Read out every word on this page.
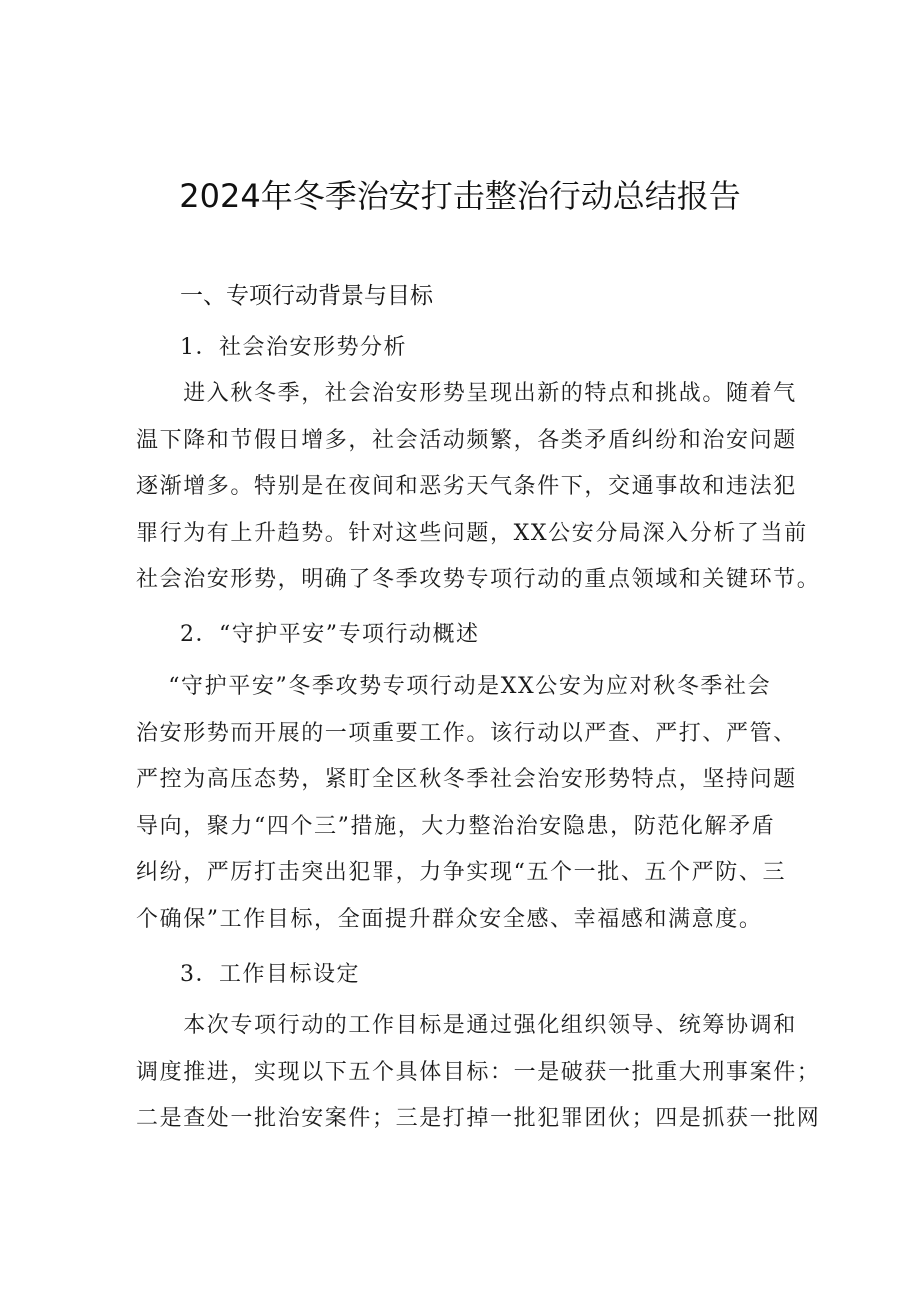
2024年冬季治安打击整治行动总结报告
一、专项行动背景与目标
1．社会治安形势分析
　　进入秋冬季，社会治安形势呈现出新的特点和挑战。随着气
温下降和节假日增多，社会活动频繁，各类矛盾纠纷和治安问题
逐渐增多。特别是在夜间和恶劣天气条件下，交通事故和违法犯
罪行为有上升趋势。针对这些问题，XX公安分局深入分析了当前
社会治安形势，明确了冬季攻势专项行动的重点领域和关键环节。
2．“守护平安”专项行动概述
　 “守护平安”冬季攻势专项行动是XX公安为应对秋冬季社会
治安形势而开展的一项重要工作。该行动以严查、严打、严管、
严控为高压态势，紧盯全区秋冬季社会治安形势特点，坚持问题
导向，聚力“四个三”措施，大力整治治安隐患，防范化解矛盾
纠纷，严厉打击突出犯罪，力争实现“五个一批、五个严防、三
个确保”工作目标，全面提升群众安全感、幸福感和满意度。
3．工作目标设定
　　本次专项行动的工作目标是通过强化组织领导、统筹协调和
调度推进，实现以下五个具体目标：一是破获一批重大刑事案件；
二是查处一批治安案件；三是打掉一批犯罪团伙；四是抓获一批网
